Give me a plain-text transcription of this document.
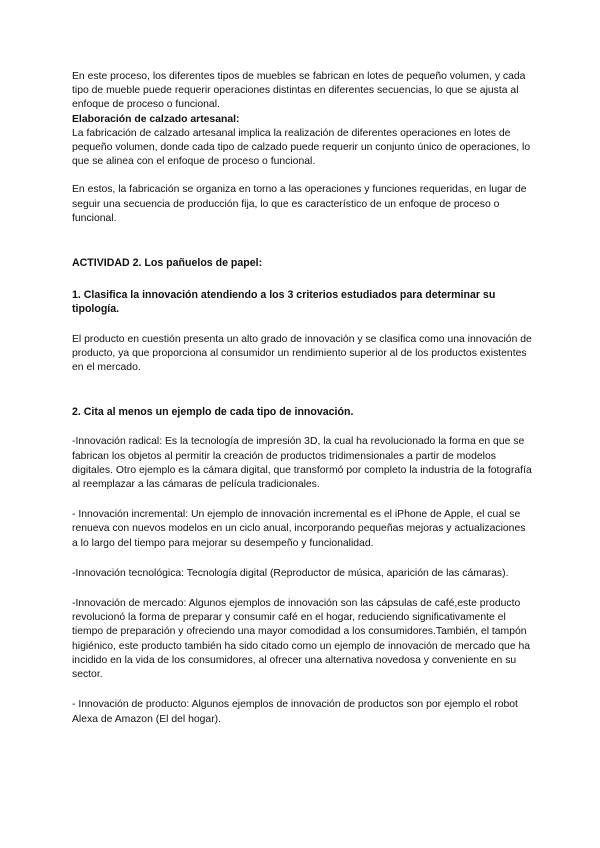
En este proceso, los diferentes tipos de muebles se fabrican en lotes de pequeño volumen, y cada tipo de mueble puede requerir operaciones distintas en diferentes secuencias, lo que se ajusta al enfoque de proceso o funcional.

Elaboración de calzado artesanal:

La fabricación de calzado artesanal implica la realización de diferentes operaciones en lotes de pequeño volumen, donde cada tipo de calzado puede requerir un conjunto único de operaciones, lo que se alinea con el enfoque de proceso o funcional.

En estos, la fabricación se organiza en torno a las operaciones y funciones requeridas, en lugar de seguir una secuencia de producción fija, lo que es característico de un enfoque de proceso o funcional.

ACTIVIDAD 2. Los pañuelos de papel:

1. Clasifica la innovación atendiendo a los 3 criterios estudiados para determinar su tipología.

El producto en cuestión presenta un alto grado de innovación y se clasifica como una innovación de producto, ya que proporciona al consumidor un rendimiento superior al de los productos existentes en el mercado.

2. Cita al menos un ejemplo de cada tipo de innovación.

-Innovación radical: Es la tecnología de impresión 3D, la cual ha revolucionado la forma en que se fabrican los objetos al permitir la creación de productos tridimensionales a partir de modelos digitales. Otro ejemplo es la cámara digital, que transformó por completo la industria de la fotografía al reemplazar a las cámaras de película tradicionales.

- Innovación incremental: Un ejemplo de innovación incremental es el iPhone de Apple, el cual se renueva con nuevos modelos en un ciclo anual, incorporando pequeñas mejoras y actualizaciones a lo largo del tiempo para mejorar su desempeño y funcionalidad.

-Innovación tecnológica: Tecnología digital (Reproductor de música, aparición de las cámaras).

-Innovación de mercado: Algunos ejemplos de innovación son las cápsulas de café,este producto revolucionó la forma de preparar y consumir café en el hogar, reduciendo significativamente el tiempo de preparación y ofreciendo una mayor comodidad a los consumidores.También, el tampón higiénico, este producto también ha sido citado como un ejemplo de innovación de mercado que ha incidido en la vida de los consumidores, al ofrecer una alternativa novedosa y conveniente en su sector.

- Innovación de producto: Algunos ejemplos de innovación de productos son por ejemplo el robot Alexa de Amazon (El del hogar).
